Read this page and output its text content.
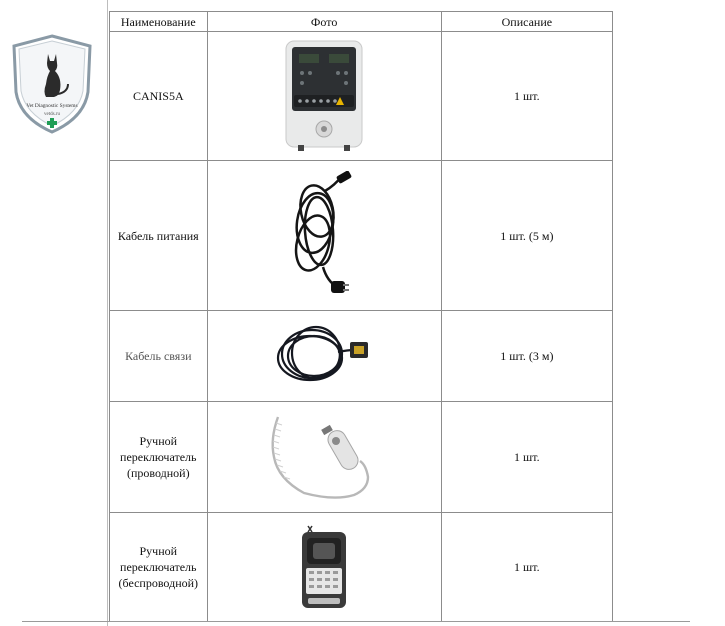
Vet Diagnostic Systems
vetds.ru
Наименование	Фото	Описание
CANIS5A		1 шт.
Кабель питания		1 шт. (5 м)
Кабель связи		1 шт. (3 м)
Ручной переключатель (проводной)		1 шт.
Ручной переключатель (беспроводной)		1 шт.
